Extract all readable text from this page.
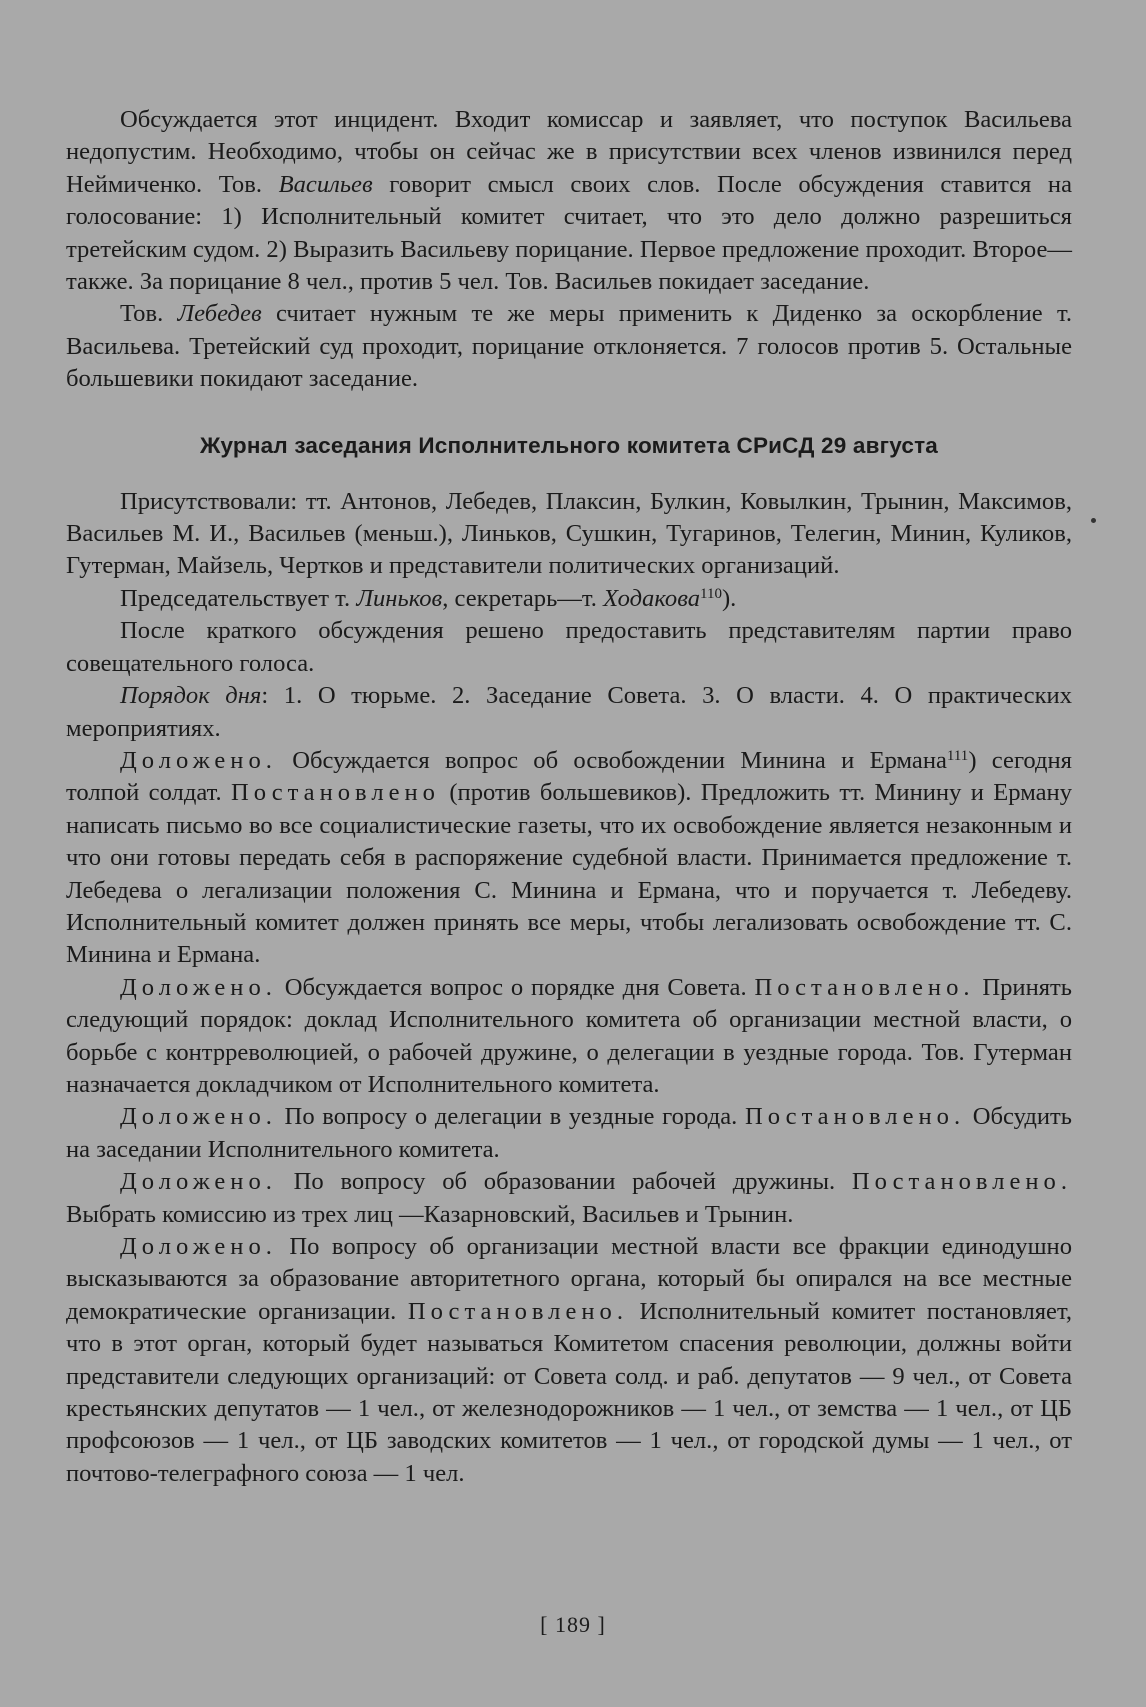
Обсуждается этот инцидент. Входит комиссар и заявляет, что поступок Васильева недопустим. Необходимо, чтобы он сейчас же в присутствии всех членов извинился перед Неймиченко. Тов. Васильев говорит смысл своих слов. После обсуждения ставится на голосование: 1) Исполнительный комитет считает, что это дело должно разрешиться третейским судом. 2) Выразить Васильеву порицание. Первое предложение проходит. Второе—также. За порицание 8 чел., против 5 чел. Тов. Васильев покидает заседание.

Тов. Лебедев считает нужным те же меры применить к Диденко за оскорбление т. Васильева. Третейский суд проходит, порицание отклоняется. 7 голосов против 5. Остальные большевики покидают заседание.

Журнал заседания Исполнительного комитета СРиСД 29 августа

Присутствовали: тт. Антонов, Лебедев, Плаксин, Булкин, Ковылкин, Трынин, Максимов, Васильев М. И., Васильев (меньш.), Линьков, Сушкин, Тугаринов, Телегин, Минин, Куликов, Гутерман, Майзель, Чертков и представители политических организаций.

Председательствует т. Линьков, секретарь—т. Ходакова$^{110}$).

После краткого обсуждения решено предоставить представителям партии право совещательного голоса.

Порядок дня: 1. О тюрьме. 2. Заседание Совета. 3. О власти. 4. О практических мероприятиях.

Доложено. Обсуждается вопрос об освобождении Минина и Ермана$^{111}$) сегодня толпой солдат. Постановлено (против большевиков). Предложить тт. Минину и Ерману написать письмо во все социалистические газеты, что их освобождение является незаконным и что они готовы передать себя в распоряжение судебной власти. Принимается предложение т. Лебедева о легализации положения С. Минина и Ермана, что и поручается т. Лебедеву. Исполнительный комитет должен принять все меры, чтобы легализовать освобождение тт. С. Минина и Ермана.

Доложено. Обсуждается вопрос о порядке дня Совета. Постановлено. Принять следующий порядок: доклад Исполнительного комитета об организации местной власти, о борьбе с контрреволюцией, о рабочей дружине, о делегации в уездные города. Тов. Гутерман назначается докладчиком от Исполнительного комитета.

Доложено. По вопросу о делегации в уездные города. Постановлено. Обсудить на заседании Исполнительного комитета.

Доложено. По вопросу об образовании рабочей дружины. Постановлено. Выбрать комиссию из трех лиц —Казарновский, Васильев и Трынин.

Доложено. По вопросу об организации местной власти все фракции единодушно высказываются за образование авторитетного органа, который бы опирался на все местные демократические организации. Постановлено. Исполнительный комитет постановляет, что в этот орган, который будет называться Комитетом спасения революции, должны войти представители следующих организаций: от Совета солд. и раб. депутатов — 9 чел., от Совета крестьянских депутатов — 1 чел., от железнодорожников — 1 чел., от земства — 1 чел., от ЦБ профсоюзов — 1 чел., от ЦБ заводских комитетов — 1 чел., от городской думы — 1 чел., от почтово-телеграфного союза — 1 чел.

[ 189 ]
